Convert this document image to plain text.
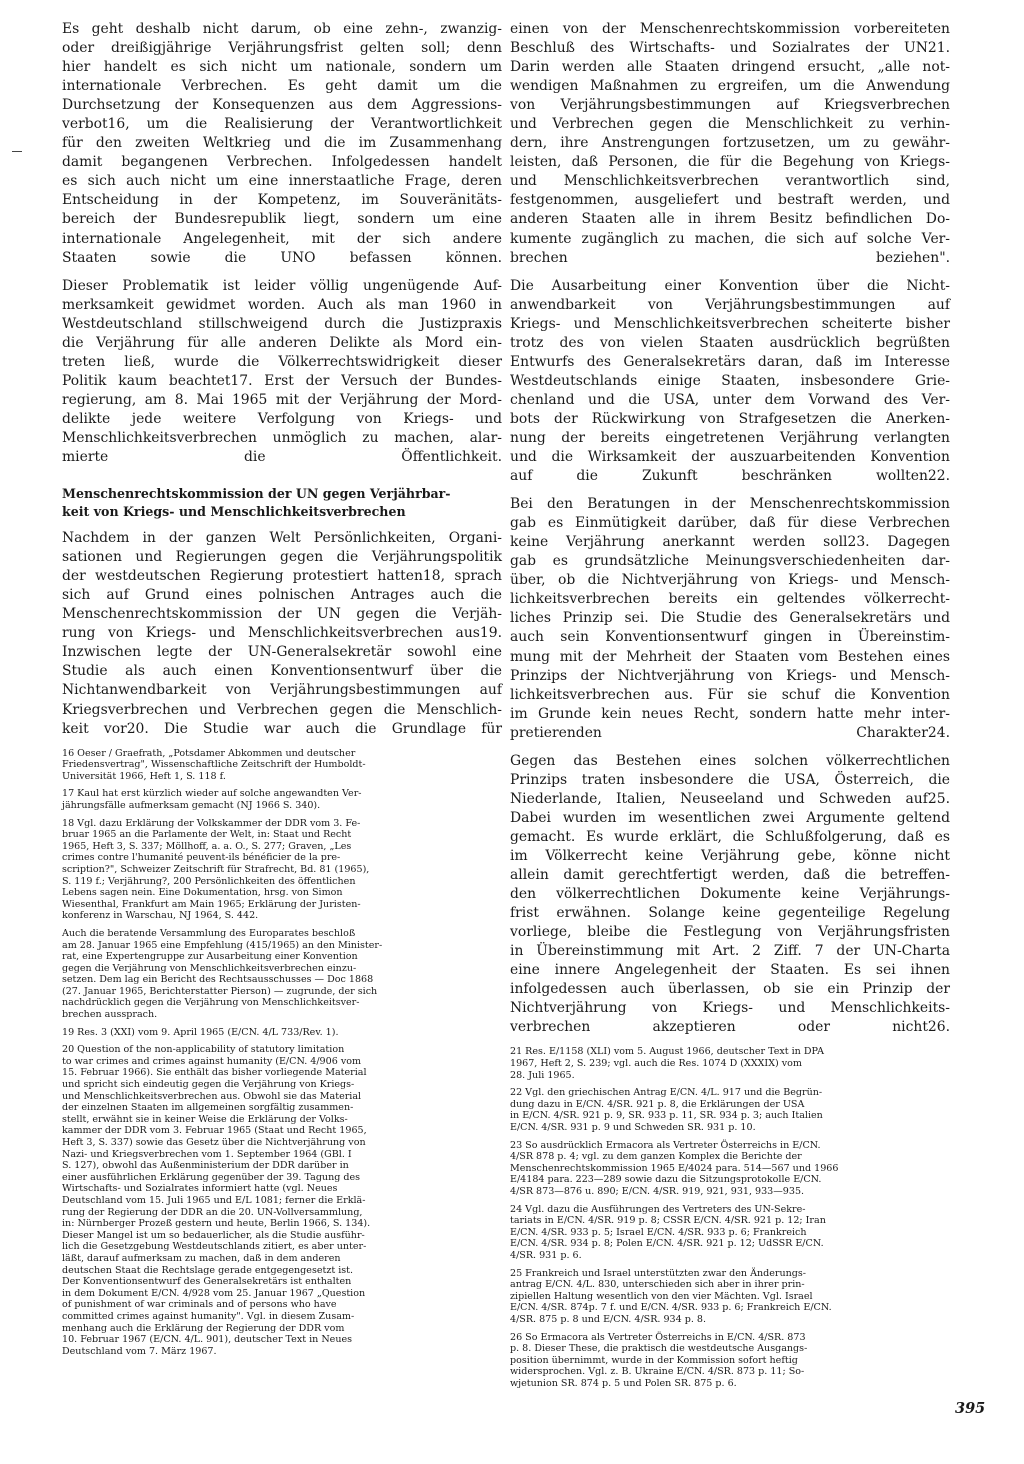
Es geht deshalb nicht darum, ob eine zehn-, zwanzig-
oder dreißigjährige Verjährungsfrist gelten soll; denn
hier handelt es sich nicht um nationale, sondern um
internationale Verbrechen. Es geht damit um die
Durchsetzung der Konsequenzen aus dem Aggressions-
verbot16, um die Realisierung der Verantwortlichkeit
für den zweiten Weltkrieg und die im Zusammenhang
damit begangenen Verbrechen. Infolgedessen handelt
es sich auch nicht um eine innerstaatliche Frage, deren
Entscheidung in der Kompetenz, im Souveränitäts-
bereich der Bundesrepublik liegt, sondern um eine
internationale Angelegenheit, mit der sich andere
Staaten sowie die UNO befassen können.

Dieser Problematik ist leider völlig ungenügende Auf-
merksamkeit gewidmet worden. Auch als man 1960 in
Westdeutschland stillschweigend durch die Justizpraxis
die Verjährung für alle anderen Delikte als Mord ein-
treten ließ, wurde die Völkerrechtswidrigkeit dieser
Politik kaum beachtet17. Erst der Versuch der Bundes-
regierung, am 8. Mai 1965 mit der Verjährung der Mord-
delikte jede weitere Verfolgung von Kriegs- und
Menschlichkeitsverbrechen unmöglich zu machen, alar-
mierte die Öffentlichkeit.

Menschenrechtskommission der UN gegen Verjährbar-
keit von Kriegs- und Menschlichkeitsverbrechen

Nachdem in der ganzen Welt Persönlichkeiten, Organi-
sationen und Regierungen gegen die Verjährungspolitik
der westdeutschen Regierung protestiert hatten18, sprach
sich auf Grund eines polnischen Antrages auch die
Menschenrechtskommission der UN gegen die Verjäh-
rung von Kriegs- und Menschlichkeitsverbrechen aus19.
Inzwischen legte der UN-Generalsekretär sowohl eine
Studie als auch einen Konventionsentwurf über die
Nichtanwendbarkeit von Verjährungsbestimmungen auf
Kriegsverbrechen und Verbrechen gegen die Menschlich-
keit vor20. Die Studie war auch die Grundlage für

16 Oeser / Graefrath, „Potsdamer Abkommen und deutscher
Friedensvertrag", Wissenschaftliche Zeitschrift der Humboldt-
Universität 1966, Heft 1, S. 118 f.

17 Kaul hat erst kürzlich wieder auf solche angewandten Ver-
jährungsfälle aufmerksam gemacht (NJ 1966 S. 340).

18 Vgl. dazu Erklärung der Volkskammer der DDR vom 3. Fe-
bruar 1965 an die Parlamente der Welt, in: Staat und Recht
1965, Heft 3, S. 337; Möllhoff, a. a. O., S. 277; Graven, „Les
crimes contre l'humanité peuvent-ils bénéficier de la pre-
scription?", Schweizer Zeitschrift für Strafrecht, Bd. 81 (1965),
S. 119 f.; Verjährung?, 200 Persönlichkeiten des öffentlichen
Lebens sagen nein. Eine Dokumentation, hrsg. von Simon
Wiesenthal, Frankfurt am Main 1965; Erklärung der Juristen-
konferenz in Warschau, NJ 1964, S. 442.

Auch die beratende Versammlung des Europarates beschloß
am 28. Januar 1965 eine Empfehlung (415/1965) an den Minister-
rat, eine Expertengruppe zur Ausarbeitung einer Konvention
gegen die Verjährung von Menschlichkeitsverbrechen einzu-
setzen. Dem lag ein Bericht des Rechtsausschusses — Doc 1868
(27. Januar 1965, Berichterstatter Pierson) — zugrunde, der sich
nachdrücklich gegen die Verjährung von Menschlichkeitsver-
brechen aussprach.

19 Res. 3 (XXI) vom 9. April 1965 (E/CN. 4/L 733/Rev. 1).

20 Question of the non-applicability of statutory limitation
to war crimes and crimes against humanity (E/CN. 4/906 vom
15. Februar 1966). Sie enthält das bisher vorliegende Material
und spricht sich eindeutig gegen die Verjährung von Kriegs-
und Menschlichkeitsverbrechen aus. Obwohl sie das Material
der einzelnen Staaten im allgemeinen sorgfältig zusammen-
stellt, erwähnt sie in keiner Weise die Erklärung der Volks-
kammer der DDR vom 3. Februar 1965 (Staat und Recht 1965,
Heft 3, S. 337) sowie das Gesetz über die Nichtverjährung von
Nazi- und Kriegsverbrechen vom 1. September 1964 (GBl. I
S. 127), obwohl das Außenministerium der DDR darüber in
einer ausführlichen Erklärung gegenüber der 39. Tagung des
Wirtschafts- und Sozialrates informiert hatte (vgl. Neues
Deutschland vom 15. Juli 1965 und E/L 1081; ferner die Erklä-
rung der Regierung der DDR an die 20. UN-Vollversammlung,
in: Nürnberger Prozeß gestern und heute, Berlin 1966, S. 134).
Dieser Mangel ist um so bedauerlicher, als die Studie ausführ-
lich die Gesetzgebung Westdeutschlands zitiert, es aber unter-
läßt, darauf aufmerksam zu machen, daß in dem anderen
deutschen Staat die Rechtslage gerade entgegengesetzt ist.
Der Konventionsentwurf des Generalsekretärs ist enthalten
in dem Dokument E/CN. 4/928 vom 25. Januar 1967 „Question
of punishment of war criminals and of persons who have
committed crimes against humanity". Vgl. in diesem Zusam-
menhang auch die Erklärung der Regierung der DDR vom
10. Februar 1967 (E/CN. 4/L. 901), deutscher Text in Neues
Deutschland vom 7. März 1967.

einen von der Menschenrechtskommission vorbereiteten
Beschluß des Wirtschafts- und Sozialrates der UN21.
Darin werden alle Staaten dringend ersucht, „alle not-
wendigen Maßnahmen zu ergreifen, um die Anwendung
von Verjährungsbestimmungen auf Kriegsverbrechen
und Verbrechen gegen die Menschlichkeit zu verhin-
dern, ihre Anstrengungen fortzusetzen, um zu gewähr-
leisten, daß Personen, die für die Begehung von Kriegs-
und Menschlichkeitsverbrechen verantwortlich sind,
festgenommen, ausgeliefert und bestraft werden, und
anderen Staaten alle in ihrem Besitz befindlichen Do-
kumente zugänglich zu machen, die sich auf solche Ver-
brechen beziehen".

Die Ausarbeitung einer Konvention über die Nicht-
anwendbarkeit von Verjährungsbestimmungen auf
Kriegs- und Menschlichkeitsverbrechen scheiterte bisher
trotz des von vielen Staaten ausdrücklich begrüßten
Entwurfs des Generalsekretärs daran, daß im Interesse
Westdeutschlands einige Staaten, insbesondere Grie-
chenland und die USA, unter dem Vorwand des Ver-
bots der Rückwirkung von Strafgesetzen die Anerken-
nung der bereits eingetretenen Verjährung verlangten
und die Wirksamkeit der auszuarbeitenden Konvention
auf die Zukunft beschränken wollten22.

Bei den Beratungen in der Menschenrechtskommission
gab es Einmütigkeit darüber, daß für diese Verbrechen
keine Verjährung anerkannt werden soll23. Dagegen
gab es grundsätzliche Meinungsverschiedenheiten dar-
über, ob die Nichtverjährung von Kriegs- und Mensch-
lichkeitsverbrechen bereits ein geltendes völkerrecht-
liches Prinzip sei. Die Studie des Generalsekretärs und
auch sein Konventionsentwurf gingen in Übereinstim-
mung mit der Mehrheit der Staaten vom Bestehen eines
Prinzips der Nichtverjährung von Kriegs- und Mensch-
lichkeitsverbrechen aus. Für sie schuf die Konvention
im Grunde kein neues Recht, sondern hatte mehr inter-
pretierenden Charakter24.

Gegen das Bestehen eines solchen völkerrechtlichen
Prinzips traten insbesondere die USA, Österreich, die
Niederlande, Italien, Neuseeland und Schweden auf25.
Dabei wurden im wesentlichen zwei Argumente geltend
gemacht. Es wurde erklärt, die Schlußfolgerung, daß es
im Völkerrecht keine Verjährung gebe, könne nicht
allein damit gerechtfertigt werden, daß die betreffen-
den völkerrechtlichen Dokumente keine Verjährungs-
frist erwähnen. Solange keine gegenteilige Regelung
vorliege, bleibe die Festlegung von Verjährungsfristen
in Übereinstimmung mit Art. 2 Ziff. 7 der UN-Charta
eine innere Angelegenheit der Staaten. Es sei ihnen
infolgedessen auch überlassen, ob sie ein Prinzip der
Nichtverjährung von Kriegs- und Menschlichkeits-
verbrechen akzeptieren oder nicht26.

21 Res. E/1158 (XLI) vom 5. August 1966, deutscher Text in DPA
1967, Heft 2, S. 239; vgl. auch die Res. 1074 D (XXXIX) vom
28. Juli 1965.

22 Vgl. den griechischen Antrag E/CN. 4/L. 917 und die Begrün-
dung dazu in E/CN. 4/SR. 921 p. 8, die Erklärungen der USA
in E/CN. 4/SR. 921 p. 9, SR. 933 p. 11, SR. 934 p. 3; auch Italien
E/CN. 4/SR. 931 p. 9 und Schweden SR. 931 p. 10.

23 So ausdrücklich Ermacora als Vertreter Österreichs in E/CN.
4/SR 878 p. 4; vgl. zu dem ganzen Komplex die Berichte der
Menschenrechtskommission 1965 E/4024 para. 514—567 und 1966
E/4184 para. 223—289 sowie dazu die Sitzungsprotokolle E/CN.
4/SR 873—876 u. 890; E/CN. 4/SR. 919, 921, 931, 933—935.

24 Vgl. dazu die Ausführungen des Vertreters des UN-Sekre-
tariats in E/CN. 4/SR. 919 p. 8; CSSR E/CN. 4/SR. 921 p. 12; Iran
E/CN. 4/SR. 933 p. 5; Israel E/CN. 4/SR. 933 p. 6; Frankreich
E/CN. 4/SR. 934 p. 8; Polen E/CN. 4/SR. 921 p. 12; UdSSR E/CN.
4/SR. 931 p. 6.

25 Frankreich und Israel unterstützten zwar den Änderungs-
antrag E/CN. 4/L. 830, unterschieden sich aber in ihrer prin-
zipiellen Haltung wesentlich von den vier Mächten. Vgl. Israel
E/CN. 4/SR. 874p. 7 f. und E/CN. 4/SR. 933 p. 6; Frankreich E/CN.
4/SR. 875 p. 8 und E/CN. 4/SR. 934 p. 8.

26 So Ermacora als Vertreter Österreichs in E/CN. 4/SR. 873
p. 8. Dieser These, die praktisch die westdeutsche Ausgangs-
position übernimmt, wurde in der Kommission sofort heftig
widersprochen. Vgl. z. B. Ukraine E/CN. 4/SR. 873 p. 11; So-
wjetunion SR. 874 p. 5 und Polen SR. 875 p. 6.

395
